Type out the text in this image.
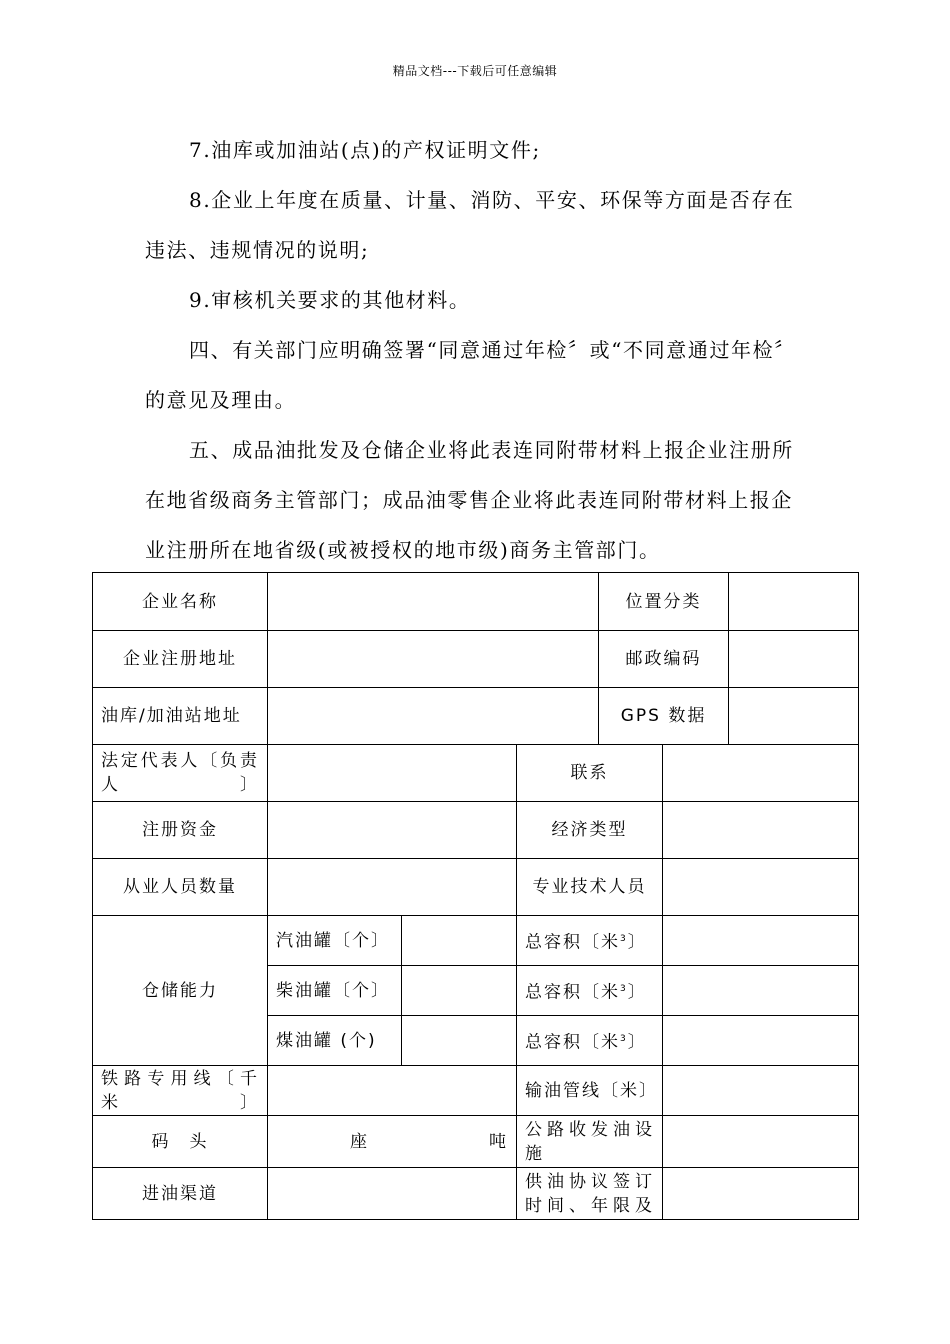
精品文档---下载后可任意编辑
7.油库或加油站(点)的产权证明文件;
8.企业上年度在质量、计量、消防、平安、环保等方面是否存在违法、违规情况的说明;
9.审核机关要求的其他材料。
四、有关部门应明确签署“同意通过年检〞或“不同意通过年检〞的意见及理由。
五、成品油批发及仓储企业将此表连同附带材料上报企业注册所在地省级商务主管部门；成品油零售企业将此表连同附带材料上报企业注册所在地省级(或被授权的地市级)商务主管部门。
企业名称				位置分类		
企业注册地址				邮政编码		
油库/加油站地址				GPS 数据		
法定代表人〔负责人〕			联系			
注册资金			经济类型			
从业人员数量			专业技术人员			
仓储能力	汽油罐〔个〕		总容积〔米$^3$〕			
	柴油罐〔个〕		总容积〔米$^3$〕			
	煤油罐 (个)		总容积〔米$^3$〕			
铁路专用线〔千米〕			输油管线〔米〕			
码　头	座 吨		公路收发油设施			
进油渠道			供油协议签订时间、年限及			
